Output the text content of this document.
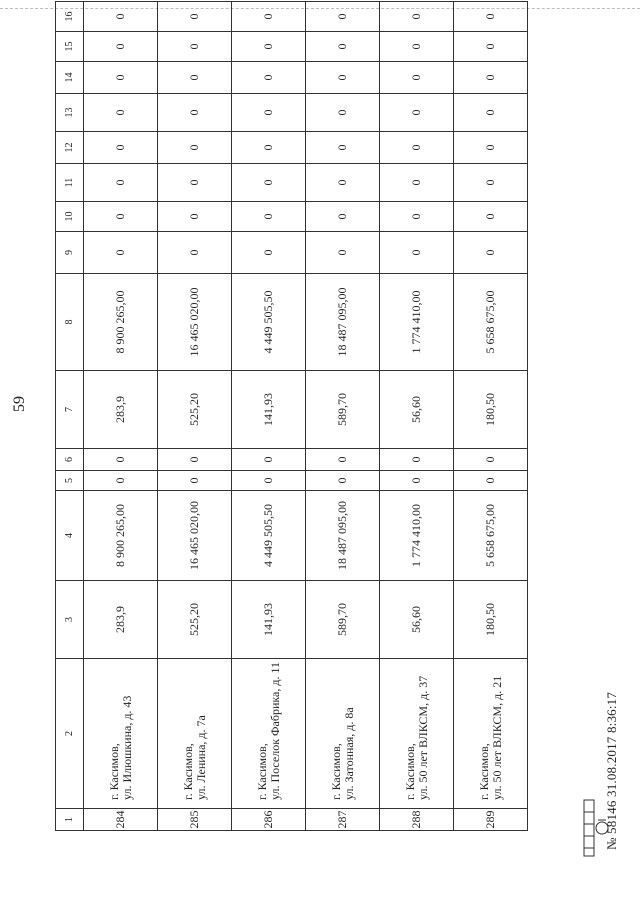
59
1	2	3	4	5	6	7	8	9	10	11	12	13	14	15	16
284	г. Касимов, ул. Илюшкина, д. 43	283,9	8 900 265,00	0	0	283,9	8 900 265,00	0	0	0	0	0	0	0	0
285	г. Касимов, ул. Ленина, д. 7а	525,20	16 465 020,00	0	0	525,20	16 465 020,00	0	0	0	0	0	0	0	0
286	г. Касимов, ул. Поселок Фабрика, д. 11	141,93	4 449 505,50	0	0	141,93	4 449 505,50	0	0	0	0	0	0	0	0
287	г. Касимов, ул. Затонная, д. 8а	589,70	18 487 095,00	0	0	589,70	18 487 095,00	0	0	0	0	0	0	0	0
288	г. Касимов, ул. 50 лет ВЛКСМ, д. 37	56,60	1 774 410,00	0	0	56,60	1 774 410,00	0	0	0	0	0	0	0	0
289	г. Касимов, ул. 50 лет ВЛКСМ, д. 21	180,50	5 658 675,00	0	0	180,50	5 658 675,00	0	0	0	0	0	0	0	0
№ 58146 31.08.2017 8:36:17
